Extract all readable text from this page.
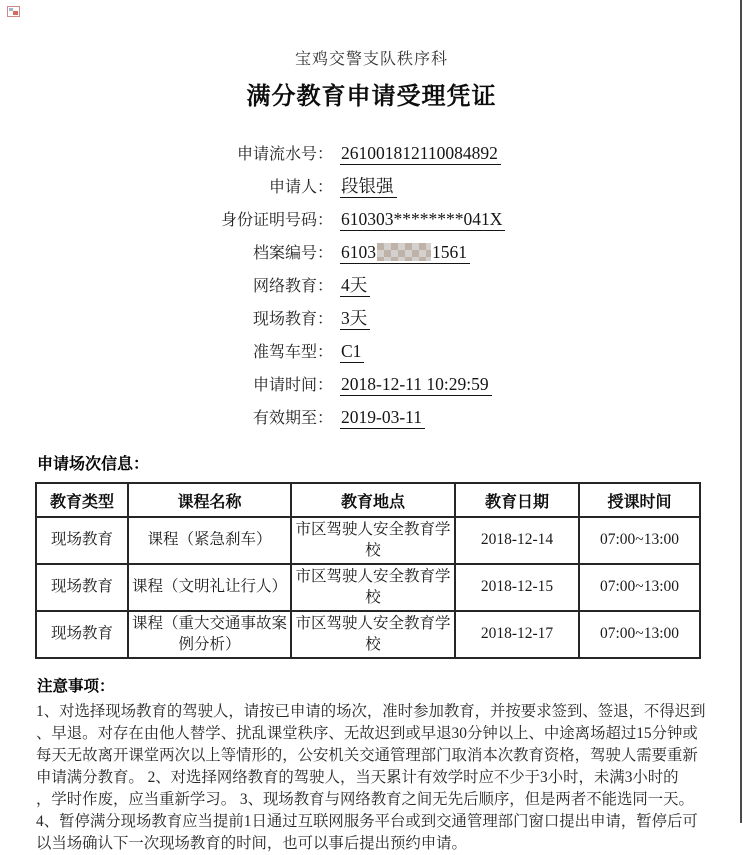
宝鸡交警支队秩序科
满分教育申请受理凭证
申请流水号： 261001812110084892
申请人： 段银强
身份证明号码： 610303********041X
档案编号： 6103	1561
网络教育： 4天
现场教育： 3天
准驾车型： C1
申请时间： 2018-12-11 10:29:59
有效期至： 2019-03-11
申请场次信息：
教育类型	课程名称	教育地点	教育日期	授课时间
现场教育	课程（紧急刹车）	市区驾驶人安全教育学校	2018-12-14	07:00~13:00
现场教育	课程（文明礼让行人）	市区驾驶人安全教育学校	2018-12-15	07:00~13:00
现场教育	课程（重大交通事故案例分析）	市区驾驶人安全教育学校	2018-12-17	07:00~13:00
注意事项：
1、对选择现场教育的驾驶人，请按已申请的场次，准时参加教育，并按要求签到、签退，不得迟到
、早退。对存在由他人替学、扰乱课堂秩序、无故迟到或早退30分钟以上、中途离场超过15分钟或
每天无故离开课堂两次以上等情形的，公安机关交通管理部门取消本次教育资格，驾驶人需要重新
申请满分教育。 2、对选择网络教育的驾驶人，当天累计有效学时应不少于3小时，未满3小时的
，学时作废，应当重新学习。 3、现场教育与网络教育之间无先后顺序，但是两者不能选同一天。
4、暂停满分现场教育应当提前1日通过互联网服务平台或到交通管理部门窗口提出申请，暂停后可
以当场确认下一次现场教育的时间，也可以事后提出预约申请。
